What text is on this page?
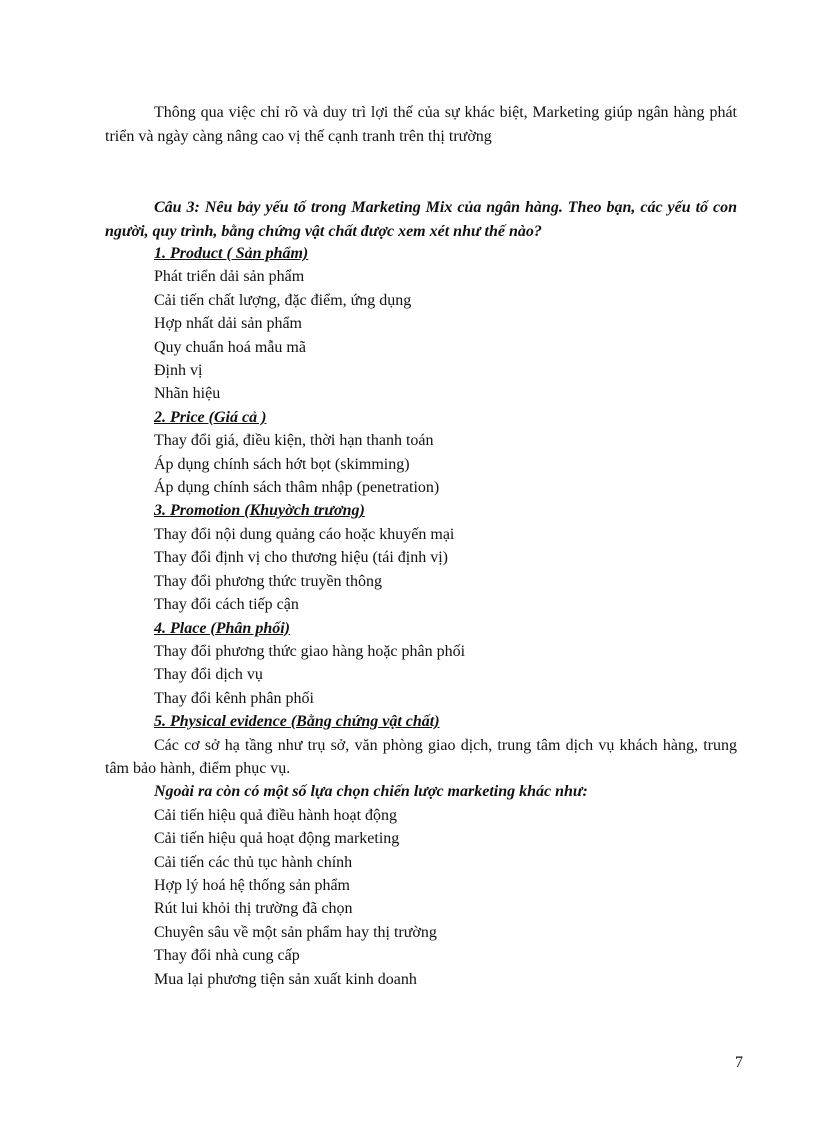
Thông qua việc chỉ rõ và duy trì lợi thế của sự khác biệt, Marketing giúp ngân hàng phát triển và ngày càng nâng cao vị thế cạnh tranh trên thị trường

Câu 3: Nêu bảy yếu tố trong Marketing Mix của ngân hàng. Theo bạn, các yếu tố con người, quy trình, bằng chứng vật chất được xem xét như thế nào?

1. Product ( Sản phẩm)
Phát triển dải sản phẩm
Cải tiến chất lượng, đặc điểm, ứng dụng
Hợp nhất dải sản phẩm
Quy chuẩn hoá mẫu mã
Định vị
Nhãn hiệu
2. Price (Giá cả )
Thay đổi giá, điều kiện, thời hạn thanh toán
Áp dụng chính sách hớt bọt (skimming)
Áp dụng chính sách thâm nhập (penetration)
3. Promotion (Khuyờch trương)
Thay đổi nội dung quảng cáo hoặc khuyến mại
Thay đổi định vị cho thương hiệu (tái định vị)
Thay đổi phương thức truyền thông
Thay đổi cách tiếp cận
4. Place (Phân phối)
Thay đổi phương thức giao hàng hoặc phân phối
Thay đổi dịch vụ
Thay đổi kênh phân phối
5. Physical evidence (Bằng chứng vật chất)
Các cơ sở hạ tầng như trụ sở, văn phòng giao dịch, trung tâm dịch vụ khách hàng, trung tâm bảo hành, điểm phục vụ.
Ngoài ra còn có một số lựa chọn chiến lược marketing khác như:
Cải tiến hiệu quả điều hành hoạt động
Cải tiến hiệu quả hoạt động marketing
Cải tiến các thủ tục hành chính
Hợp lý hoá hệ thống sản phẩm
Rút lui khỏi thị trường đã chọn
Chuyên sâu về một sản phẩm hay thị trường
Thay đổi nhà cung cấp
Mua lại phương tiện sản xuất kinh doanh
7
